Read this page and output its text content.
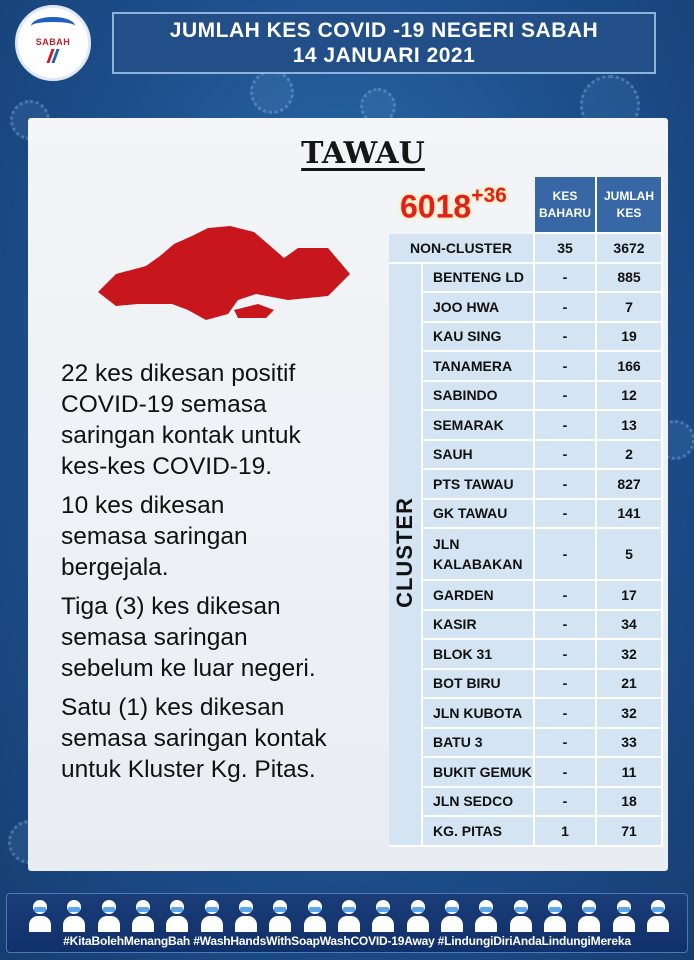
SABAH	JUMLAH KES COVID -19 NEGERI SABAH
14 JANUARI 2021
TAWAU
$6018^{+36}$

22 kes dikesan positif
COVID-19 semasa
saringan kontak untuk
kes-kes COVID-19.

10 kes dikesan
semasa saringan
bergejala.

Tiga (3) kes dikesan
semasa saringan
sebelum ke luar negeri.

Satu (1) kes dikesan
semasa saringan kontak
untuk Kluster Kg. Pitas.

		KES BAHARU	JUMLAH KES
NON-CLUSTER		35	3672
CLUSTER	BENTENG LD	-	885

	JOO HWA	-	7

	KAU SING	-	19

	TANAMERA	-	166

	SABINDO	-	12

	SEMARAK	-	13

	SAUH	-	2

	PTS TAWAU	-	827

	GK TAWAU	-	141

	JLN
KALABAKAN	-	5

	GARDEN	-	17

	KASIR	-	34

	BLOK 31	-	32

	BOT BIRU	-	21

	JLN KUBOTA	-	32

	BATU 3	-	33

	BUKIT GEMUK	-	11

	JLN SEDCO	-	18

	KG. PITAS	1	71
#KitaBolehMenangBah #WashHandsWithSoapWashCOVID-19Away #LindungiDiriAndaLindungiMereka
